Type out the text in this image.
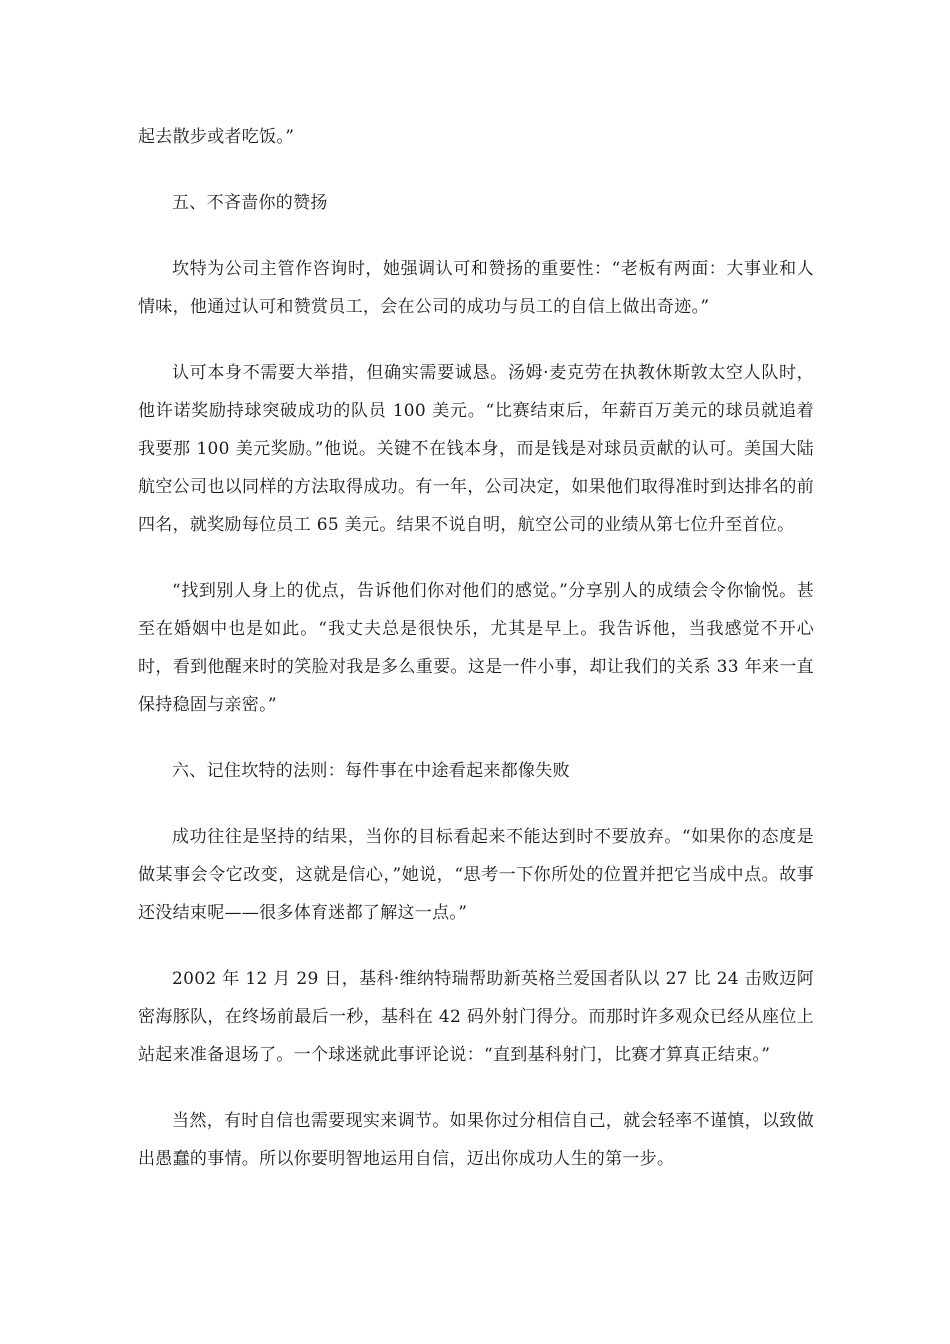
起去散步或者吃饭。”

五、不吝啬你的赞扬

坎特为公司主管作咨询时，她强调认可和赞扬的重要性：“老板有两面：大事业和人情味，他通过认可和赞赏员工，会在公司的成功与员工的自信上做出奇迹。”

认可本身不需要大举措，但确实需要诚恳。汤姆·麦克劳在执教休斯敦太空人队时，他许诺奖励持球突破成功的队员 100 美元。“比赛结束后，年薪百万美元的球员就追着我要那 100 美元奖励。”他说。关键不在钱本身，而是钱是对球员贡献的认可。美国大陆航空公司也以同样的方法取得成功。有一年，公司决定，如果他们取得准时到达排名的前四名，就奖励每位员工 65 美元。结果不说自明，航空公司的业绩从第七位升至首位。

“找到别人身上的优点，告诉他们你对他们的感觉。”分享别人的成绩会令你愉悦。甚至在婚姻中也是如此。“我丈夫总是很快乐，尤其是早上。我告诉他，当我感觉不开心时，看到他醒来时的笑脸对我是多么重要。这是一件小事，却让我们的关系 33 年来一直保持稳固与亲密。”

六、记住坎特的法则：每件事在中途看起来都像失败

成功往往是坚持的结果，当你的目标看起来不能达到时不要放弃。“如果你的态度是做某事会令它改变，这就是信心，”她说，“思考一下你所处的位置并把它当成中点。故事还没结束呢——很多体育迷都了解这一点。”

2002 年 12 月 29 日，基科·维纳特瑞帮助新英格兰爱国者队以 27 比 24 击败迈阿密海豚队，在终场前最后一秒，基科在 42 码外射门得分。而那时许多观众已经从座位上站起来准备退场了。一个球迷就此事评论说：“直到基科射门，比赛才算真正结束。”

当然，有时自信也需要现实来调节。如果你过分相信自己，就会轻率不谨慎，以致做出愚蠢的事情。所以你要明智地运用自信，迈出你成功人生的第一步。
